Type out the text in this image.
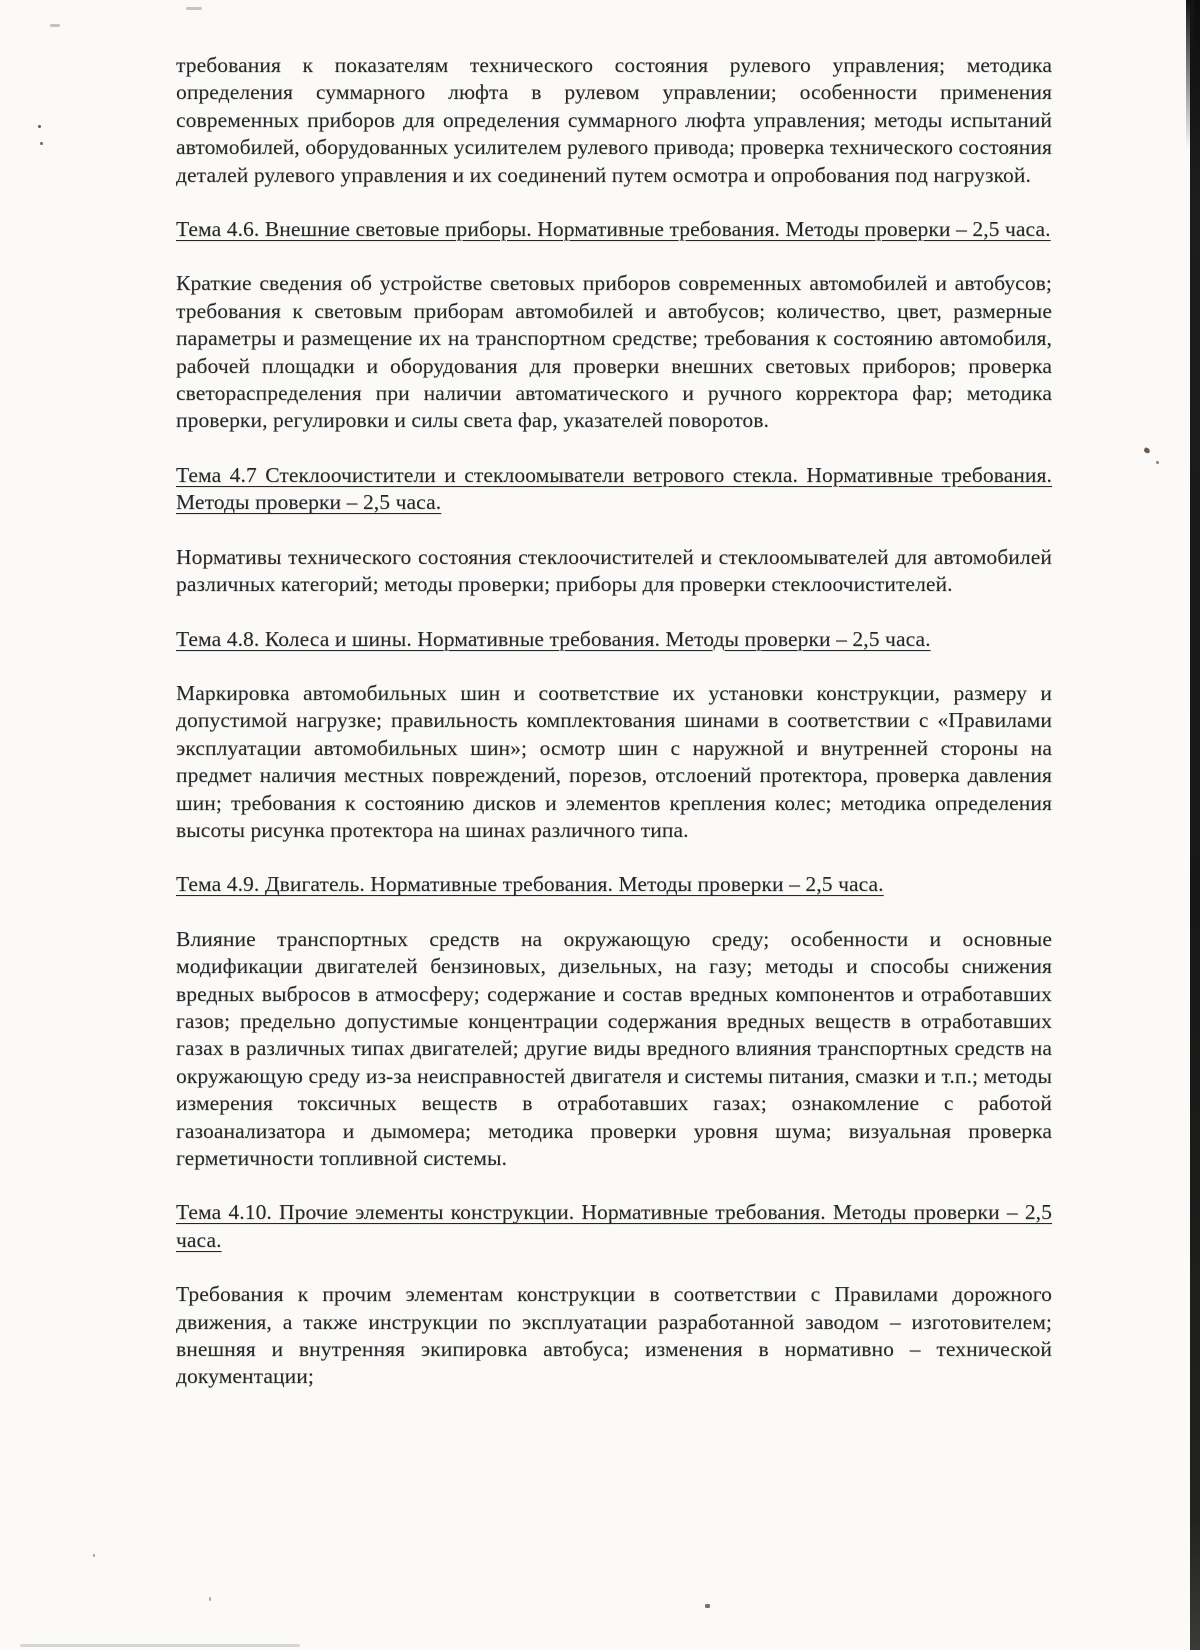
требования к показателям технического состояния рулевого управления; методика определения суммарного люфта в рулевом управлении; особенности применения современных приборов для определения суммарного люфта управления; методы испытаний автомобилей, оборудованных усилителем рулевого привода; проверка технического состояния деталей рулевого управления и их соединений путем осмотра и опробования под нагрузкой.

Тема 4.6. Внешние световые приборы. Нормативные требования. Методы проверки – 2,5 часа.

Краткие сведения об устройстве световых приборов современных автомобилей и автобусов; требования к световым приборам автомобилей и автобусов; количество, цвет, размерные параметры и размещение их на транспортном средстве; требования к состоянию автомобиля, рабочей площадки и оборудования для проверки внешних световых приборов; проверка светораспределения при наличии автоматического и ручного корректора фар; методика проверки, регулировки и силы света фар, указателей поворотов.

Тема 4.7 Стеклоочистители и стеклоомыватели ветрового стекла. Нормативные требования. Методы проверки – 2,5 часа.

Нормативы технического состояния стеклоочистителей и стеклоомывателей для автомобилей различных категорий; методы проверки; приборы для проверки стеклоочистителей.

Тема 4.8. Колеса и шины. Нормативные требования. Методы проверки – 2,5 часа.

Маркировка автомобильных шин и соответствие их установки конструкции, размеру и допустимой нагрузке; правильность комплектования шинами в соответствии с «Правилами эксплуатации автомобильных шин»; осмотр шин с наружной и внутренней стороны на предмет наличия местных повреждений, порезов, отслоений протектора, проверка давления шин; требования к состоянию дисков и элементов крепления колес; методика определения высоты рисунка протектора на шинах различного типа.

Тема 4.9. Двигатель. Нормативные требования. Методы проверки – 2,5 часа.

Влияние транспортных средств на окружающую среду; особенности и основные модификации двигателей бензиновых, дизельных, на газу; методы и способы снижения вредных выбросов в атмосферу; содержание и состав вредных компонентов и отработавших газов; предельно допустимые концентрации содержания вредных веществ в отработавших газах в различных типах двигателей; другие виды вредного влияния транспортных средств на окружающую среду из-за неисправностей двигателя и системы питания, смазки и т.п.; методы измерения токсичных веществ в отработавших газах; ознакомление с работой газоанализатора и дымомера; методика проверки уровня шума; визуальная проверка герметичности топливной системы.

Тема 4.10. Прочие элементы конструкции. Нормативные требования. Методы проверки – 2,5 часа.

Требования к прочим элементам конструкции в соответствии с Правилами дорожного движения, а также инструкции по эксплуатации разработанной заводом – изготовителем; внешняя и внутренняя экипировка автобуса; изменения в нормативно – технической документации;
